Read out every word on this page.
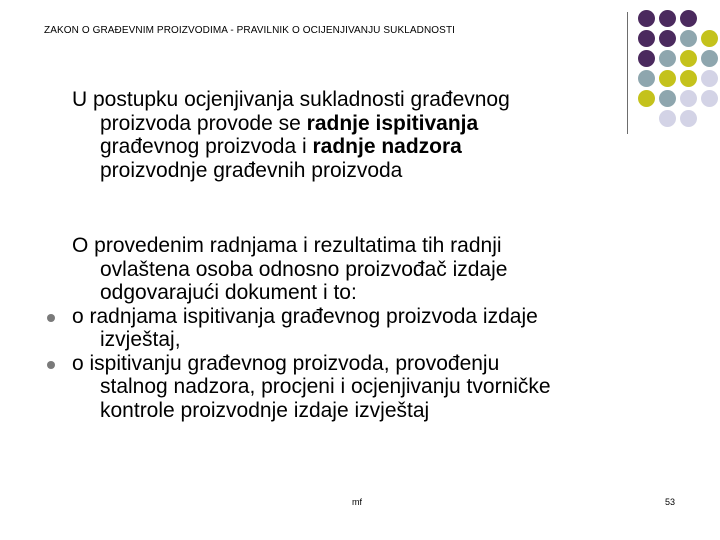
ZAKON O GRAĐEVNIM PROIZVODIMA - PRAVILNIK O OCIJENJIVANJU SUKLADNOSTI
U postupku ocjenjivanja sukladnosti građevnog
proizvoda provode se radnje ispitivanja
građevnog proizvoda i radnje nadzora
proizvodnje građevnih proizvoda
O provedenim radnjama i rezultatima tih radnji
ovlaštena osoba odnosno proizvođač izdaje
odgovarajući dokument i to:
o radnjama ispitivanja građevnog proizvoda izdaje
izvještaj,
o ispitivanju građevnog proizvoda, provođenju
stalnog nadzora, procjeni i ocjenjivanju tvorničke
kontrole proizvodnje izdaje izvještaj
mf	53
